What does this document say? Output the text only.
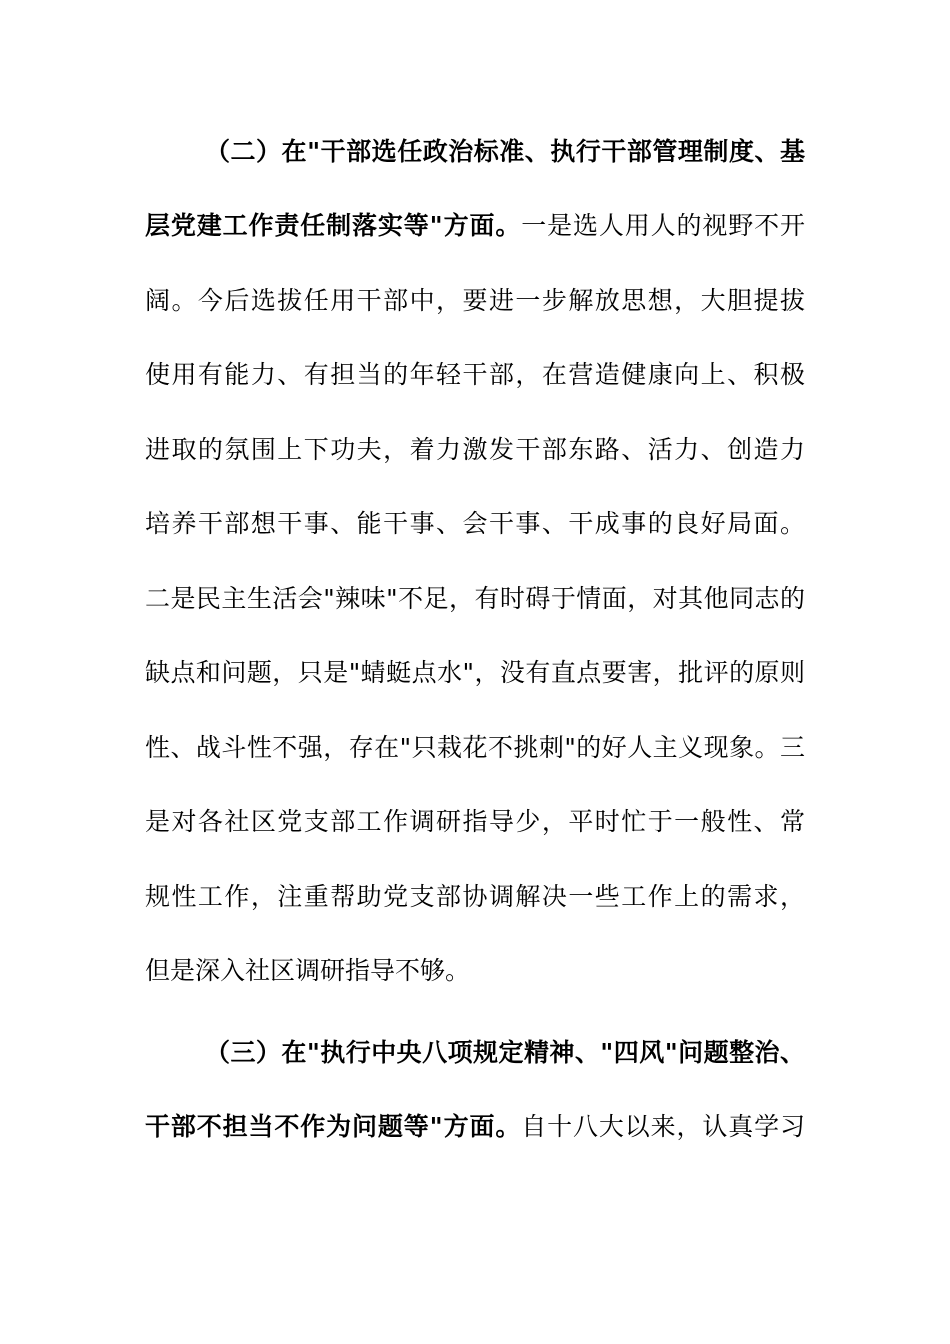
（二）在"干部选任政治标准、执行干部管理制度、基
层党建工作责任制落实等"方面。一是选人用人的视野不开
阔。今后选拔任用干部中，要进一步解放思想，大胆提拔
使用有能力、有担当的年轻干部，在营造健康向上、积极
进取的氛围上下功夫，着力激发干部东路、活力、创造力
培养干部想干事、能干事、会干事、干成事的良好局面。
二是民主生活会"辣味"不足，有时碍于情面，对其他同志的
缺点和问题，只是"蜻蜓点水"，没有直点要害，批评的原则
性、战斗性不强，存在"只栽花不挑刺"的好人主义现象。三
是对各社区党支部工作调研指导少，平时忙于一般性、常
规性工作，注重帮助党支部协调解决一些工作上的需求，
但是深入社区调研指导不够。
（三）在"执行中央八项规定精神、"四风"问题整治、
干部不担当不作为问题等"方面。自十八大以来，认真学习
